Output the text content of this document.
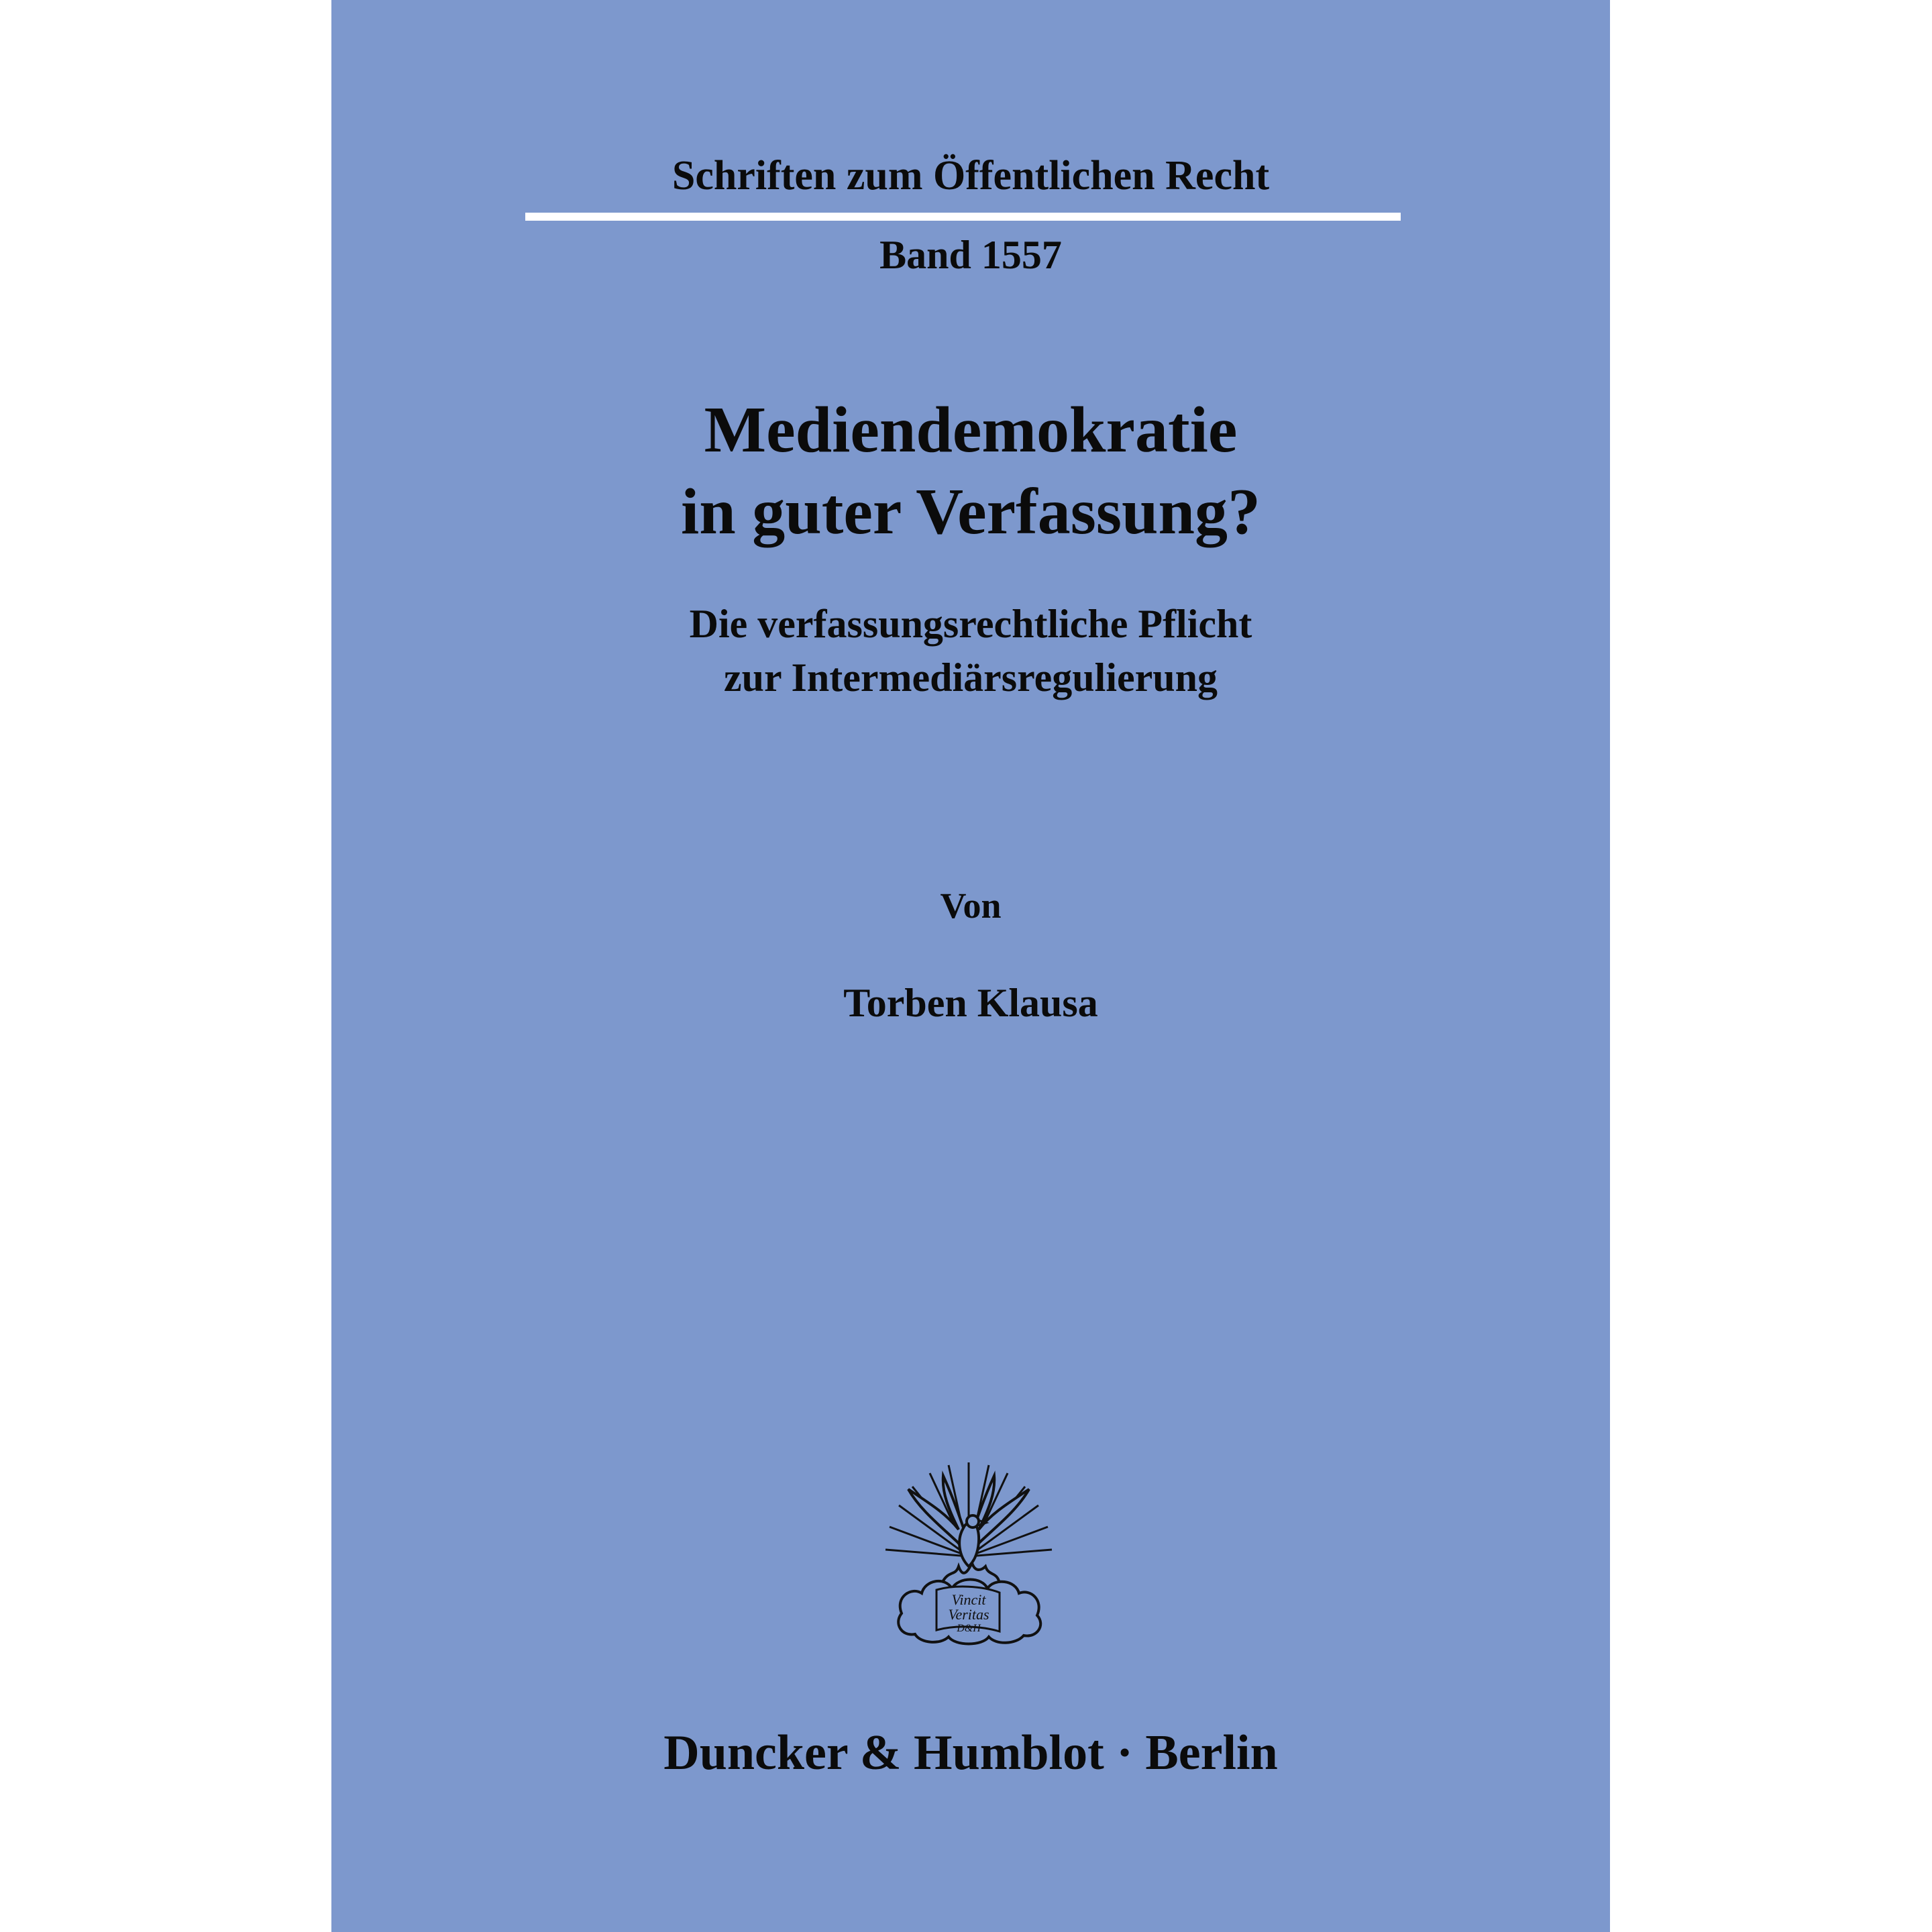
Schriften zum Öffentlichen Recht
Band 1557
Mediendemokratie
in guter Verfassung?
Die verfassungsrechtliche Pflicht
zur Intermediärsregulierung
Von
Torben Klausa
Vincit
Veritas
D&H
Duncker & Humblot · Berlin
